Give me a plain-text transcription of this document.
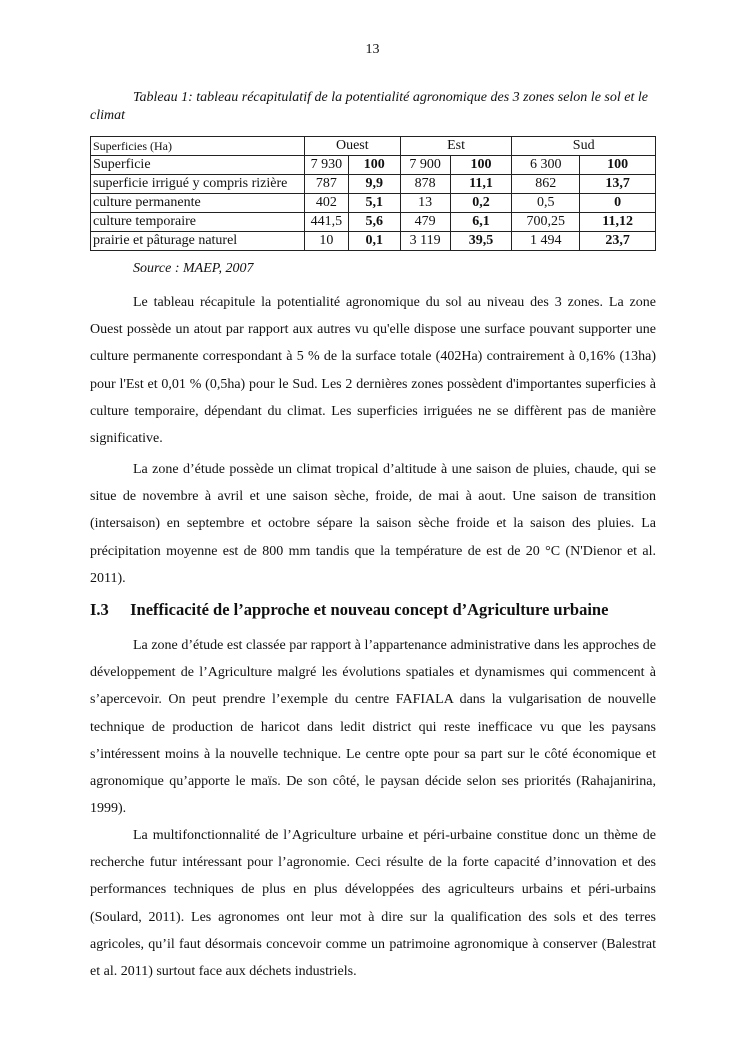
13
Tableau 1: tableau récapitulatif de la potentialité agronomique des 3 zones selon le sol et le climat
Superficies (Ha)	Ouest		Est		Sud	
Superficie	7 930	100	7 900	100	6 300	100
superficie irrigué y compris rizière	787	9,9	878	11,1	862	13,7
culture permanente	402	5,1	13	0,2	0,5	0
culture temporaire	441,5	5,6	479	6,1	700,25	11,12
prairie et pâturage naturel	10	0,1	3 119	39,5	1 494	23,7
Source : MAEP, 2007

Le tableau récapitule la potentialité agronomique du sol au niveau des 3 zones. La zone Ouest possède un atout par rapport aux autres vu qu'elle dispose une surface pouvant supporter une culture permanente correspondant à 5 % de la surface totale (402Ha) contrairement à 0,16% (13ha) pour l'Est et 0,01 % (0,5ha) pour le Sud. Les 2 dernières zones possèdent d'importantes superficies à culture temporaire, dépendant du climat. Les superficies irriguées ne se diffèrent pas de manière significative.

La zone d’étude possède un climat tropical d’altitude à une saison de pluies, chaude, qui se situe de novembre à avril et une saison sèche, froide, de mai à aout. Une saison de transition (intersaison) en septembre et octobre sépare la saison sèche froide et la saison des pluies. La précipitation moyenne est de 800 mm tandis que la température de est de 20 °C (N'Dienor et al. 2011).

I.3 Inefficacité de l’approche et nouveau concept d’Agriculture urbaine

La zone d’étude est classée par rapport à l’appartenance administrative dans les approches de développement de l’Agriculture malgré les évolutions spatiales et dynamismes qui commencent à s’apercevoir. On peut prendre l’exemple du centre FAFIALA dans la vulgarisation de nouvelle technique de production de haricot dans ledit district qui reste inefficace vu que les paysans s’intéressent moins à la nouvelle technique. Le centre opte pour sa part sur le côté économique et agronomique qu’apporte le maïs. De son côté, le paysan décide selon ses priorités (Rahajanirina, 1999).

La multifonctionnalité de l’Agriculture urbaine et péri-urbaine constitue donc un thème de recherche futur intéressant pour l’agronomie. Ceci résulte de la forte capacité d’innovation et des performances techniques de plus en plus développées des agriculteurs urbains et péri-urbains (Soulard, 2011). Les agronomes ont leur mot à dire sur la qualification des sols et des terres agricoles, qu’il faut désormais concevoir comme un patrimoine agronomique à conserver (Balestrat et al. 2011) surtout face aux déchets industriels.
